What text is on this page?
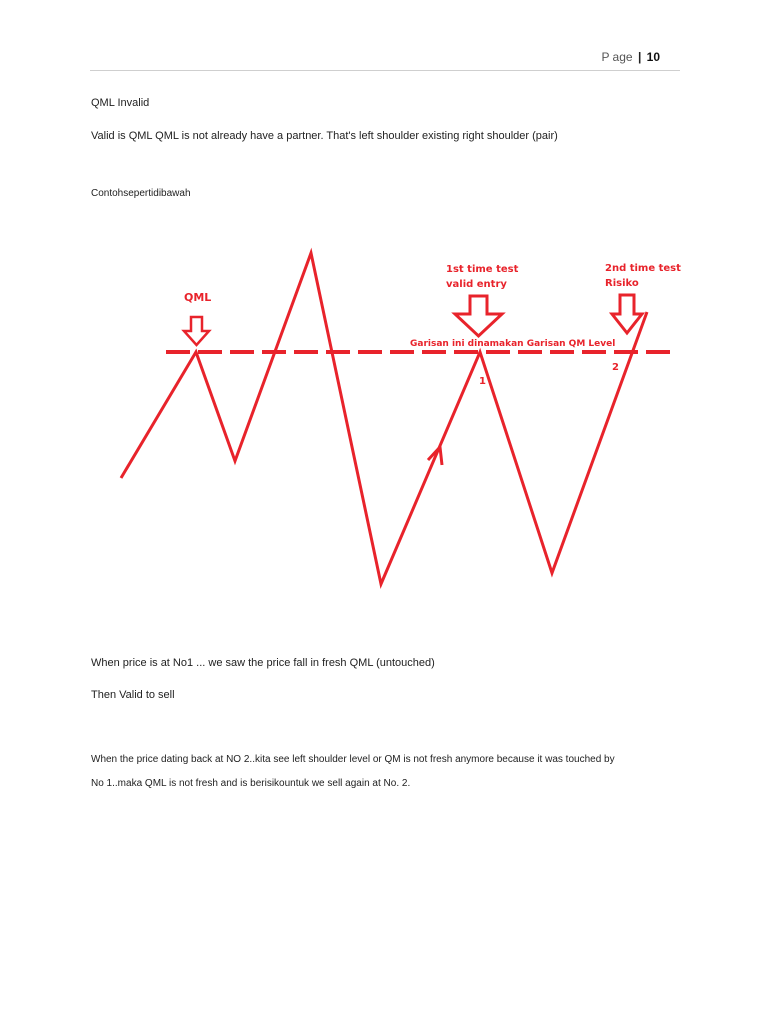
P age | 10
QML Invalid
Valid is QML QML is not already have a partner. That's left shoulder existing right shoulder (pair)
Contohsepertidibawah
QML
1st time test
valid entry
2nd time test
Risiko
Garisan ini dinamakan Garisan QM Level
1
2
When price is at No1 ... we saw the price fall in fresh QML (untouched)
Then Valid to sell
When the price dating back at NO 2..kita see left shoulder level or QM is not fresh anymore because it was touched by
No 1..maka QML is not fresh and is berisikountuk we sell again at No. 2.
